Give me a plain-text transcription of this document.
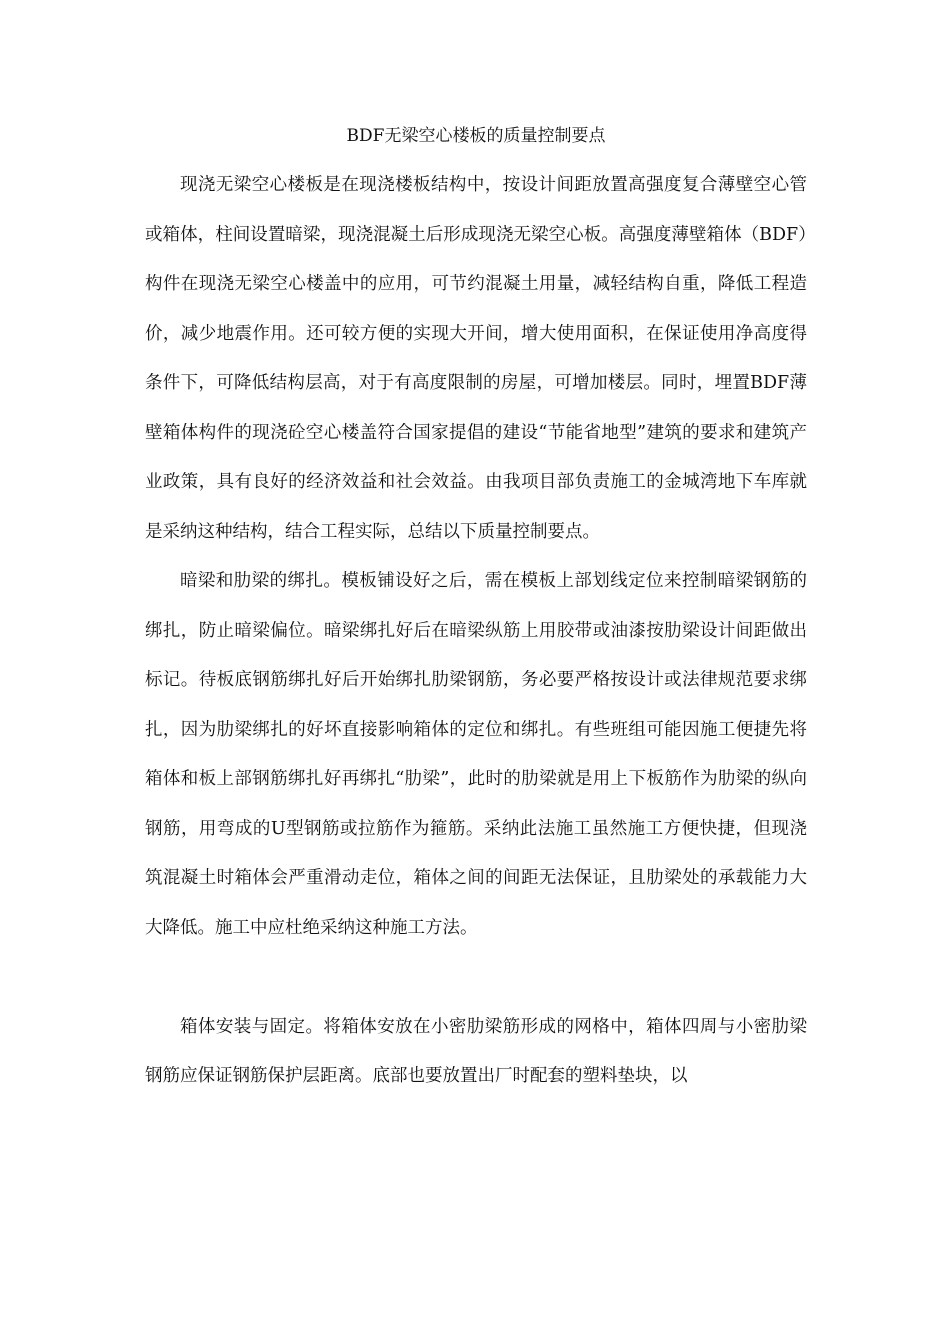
BDF无梁空心楼板的质量控制要点

现浇无梁空心楼板是在现浇楼板结构中，按设计间距放置高强度复合薄壁空心管或箱体，柱间设置暗梁，现浇混凝土后形成现浇无梁空心板。高强度薄壁箱体（BDF）构件在现浇无梁空心楼盖中的应用，可节约混凝土用量，减轻结构自重，降低工程造价，减少地震作用。还可较方便的实现大开间，增大使用面积，在保证使用净高度得条件下，可降低结构层高，对于有高度限制的房屋，可增加楼层。同时，埋置BDF薄壁箱体构件的现浇砼空心楼盖符合国家提倡的建设“节能省地型”建筑的要求和建筑产业政策，具有良好的经济效益和社会效益。由我项目部负责施工的金城湾地下车库就是采纳这种结构，结合工程实际，总结以下质量控制要点。

暗梁和肋梁的绑扎。模板铺设好之后，需在模板上部划线定位来控制暗梁钢筋的绑扎，防止暗梁偏位。暗梁绑扎好后在暗梁纵筋上用胶带或油漆按肋梁设计间距做出标记。待板底钢筋绑扎好后开始绑扎肋梁钢筋，务必要严格按设计或法律规范要求绑扎，因为肋梁绑扎的好坏直接影响箱体的定位和绑扎。有些班组可能因施工便捷先将箱体和板上部钢筋绑扎好再绑扎“肋梁”，此时的肋梁就是用上下板筋作为肋梁的纵向钢筋，用弯成的U型钢筋或拉筋作为箍筋。采纳此法施工虽然施工方便快捷，但现浇筑混凝土时箱体会严重滑动走位，箱体之间的间距无法保证，且肋梁处的承载能力大大降低。施工中应杜绝采纳这种施工方法。

箱体安装与固定。将箱体安放在小密肋梁筋形成的网格中，箱体四周与小密肋梁钢筋应保证钢筋保护层距离。底部也要放置出厂时配套的塑料垫块，以
